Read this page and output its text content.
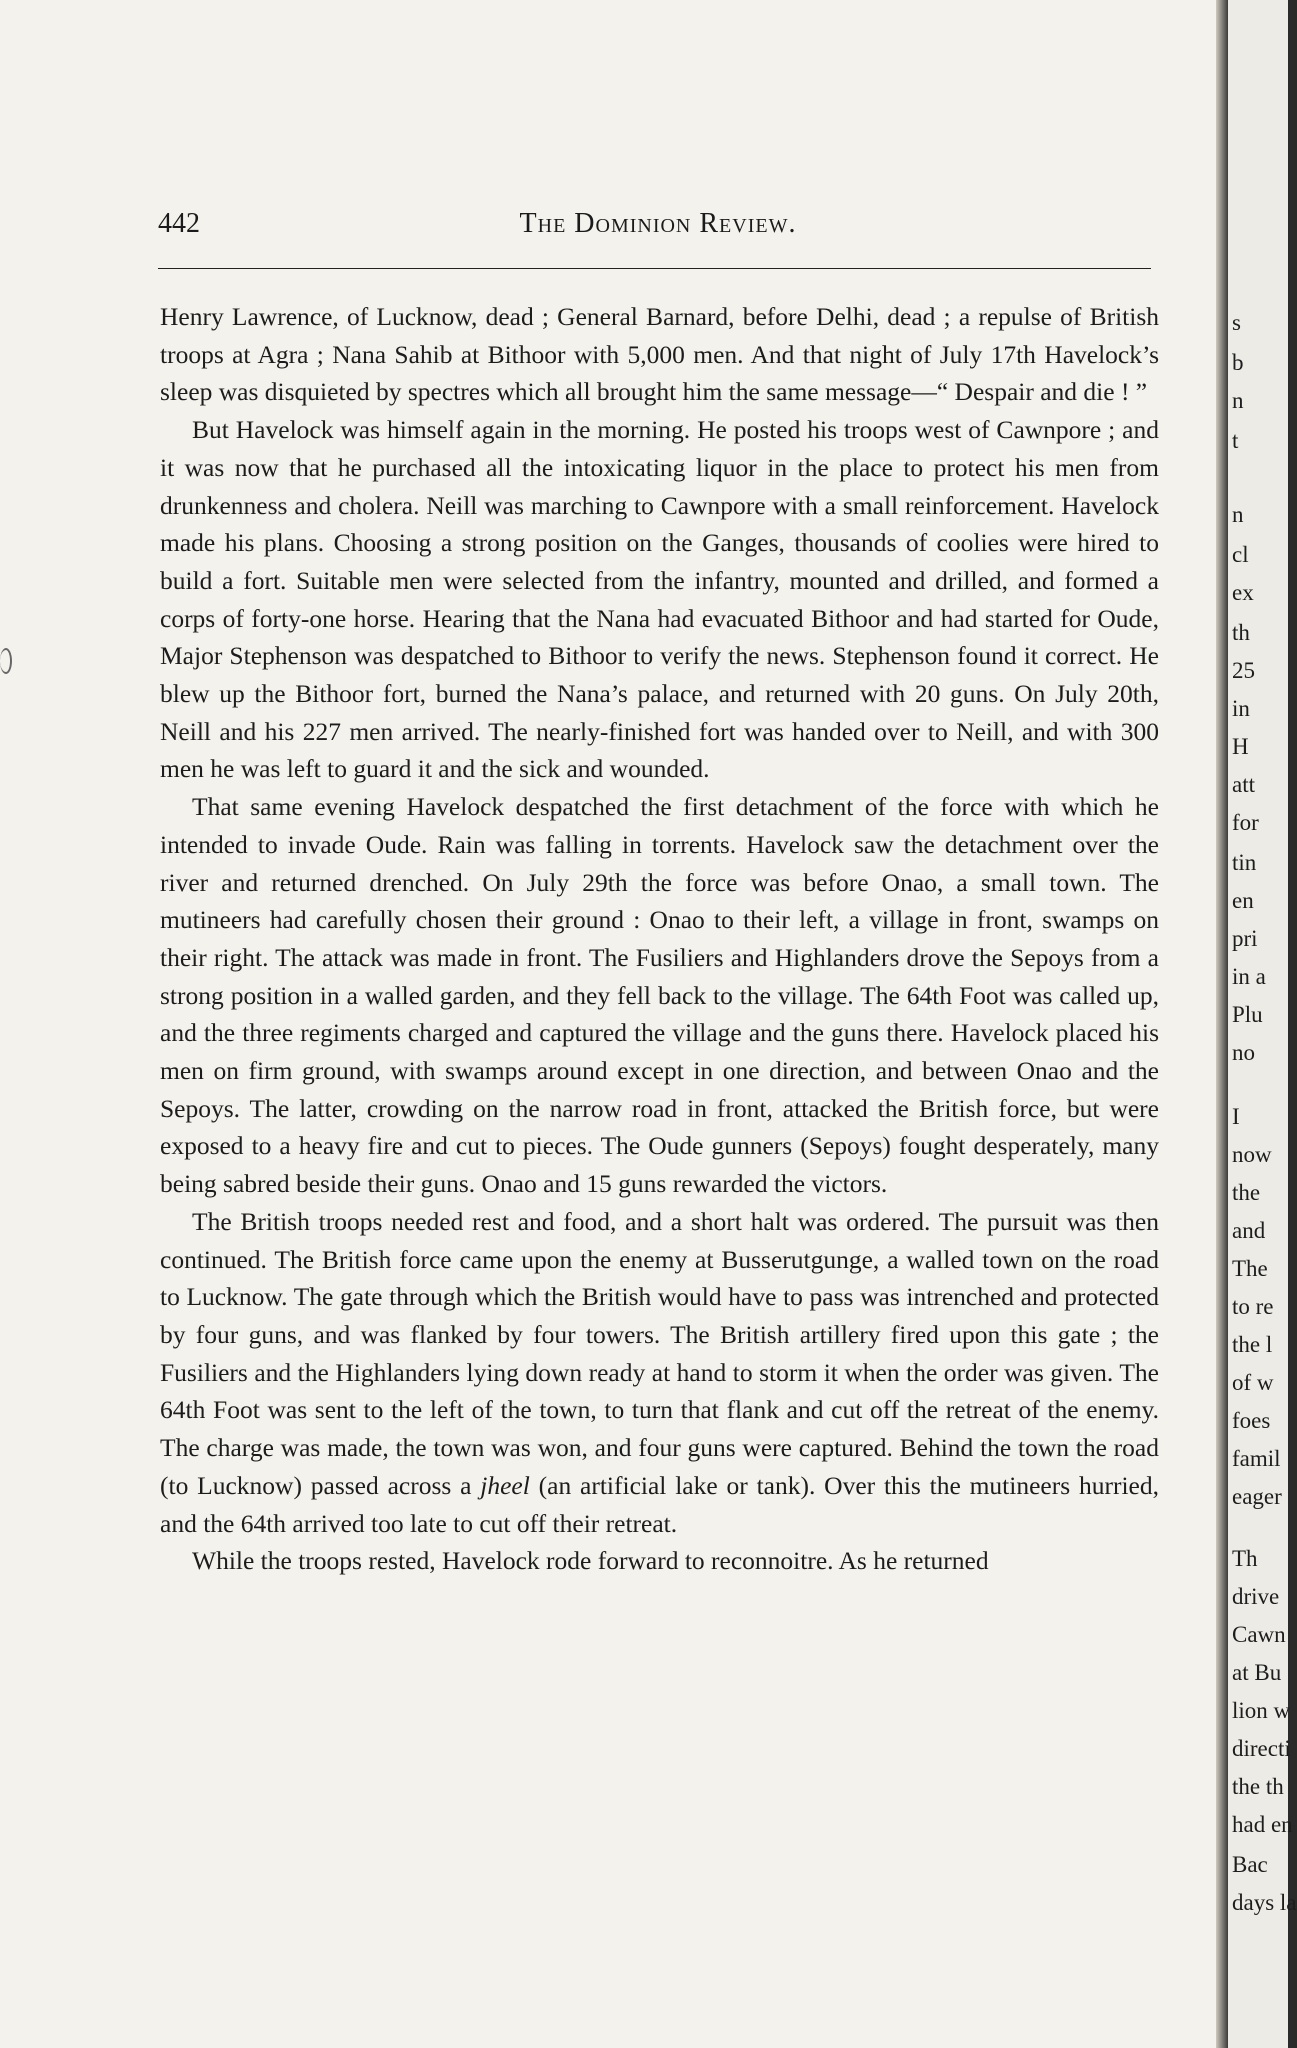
442	The Dominion Review.

Henry Lawrence, of Lucknow, dead ; General Barnard, before Delhi, dead ; a repulse of British troops at Agra ; Nana Sahib at Bithoor with 5,000 men. And that night of July 17th Havelock’s sleep was disquieted by spectres which all brought him the same message—“ Despair and die ! ”

But Havelock was himself again in the morning. He posted his troops west of Cawnpore ; and it was now that he purchased all the intoxicating liquor in the place to protect his men from drunkenness and cholera. Neill was marching to Cawnpore with a small reinforcement. Havelock made his plans. Choosing a strong position on the Ganges, thousands of coolies were hired to build a fort. Suitable men were selected from the infantry, mounted and drilled, and formed a corps of forty-one horse. Hearing that the Nana had evacuated Bithoor and had started for Oude, Major Stephenson was despatched to Bithoor to verify the news. Stephenson found it correct. He blew up the Bithoor fort, burned the Nana’s palace, and returned with 20 guns. On July 20th, Neill and his 227 men arrived. The nearly-finished fort was handed over to Neill, and with 300 men he was left to guard it and the sick and wounded.

That same evening Havelock despatched the first detachment of the force with which he intended to invade Oude. Rain was falling in torrents. Havelock saw the detachment over the river and returned drenched. On July 29th the force was before Onao, a small town. The mutineers had carefully chosen their ground : Onao to their left, a village in front, swamps on their right. The attack was made in front. The Fusiliers and Highlanders drove the Sepoys from a strong position in a walled garden, and they fell back to the village. The 64th Foot was called up, and the three regiments charged and captured the village and the guns there. Havelock placed his men on firm ground, with swamps around except in one direction, and between Onao and the Sepoys. The latter, crowding on the narrow road in front, attacked the British force, but were exposed to a heavy fire and cut to pieces. The Oude gunners (Sepoys) fought desperately, many being sabred beside their guns. Onao and 15 guns rewarded the victors.

The British troops needed rest and food, and a short halt was ordered. The pursuit was then continued. The British force came upon the enemy at Busserutgunge, a walled town on the road to Lucknow. The gate through which the British would have to pass was intrenched and protected by four guns, and was flanked by four towers. The British artillery fired upon this gate ; the Fusiliers and the Highlanders lying down ready at hand to storm it when the order was given. The 64th Foot was sent to the left of the town, to turn that flank and cut off the retreat of the enemy. The charge was made, the town was won, and four guns were captured. Behind the town the road (to Lucknow) passed across a jheel (an artificial lake or tank). Over this the mutineers hurried, and the 64th arrived too late to cut off their retreat.

While the troops rested, Havelock rode forward to reconnoitre. As he returned

s
b
n
t
n
cl
ex
th
25
in
H
att
for
tin
en
pri
in a
Plu
no
I
now
the
and
The
to re
the l
of w
foes
famil
eager
Th
drive
Cawn
at Bu
lion w
directi
the th
had en
Bac
days la
